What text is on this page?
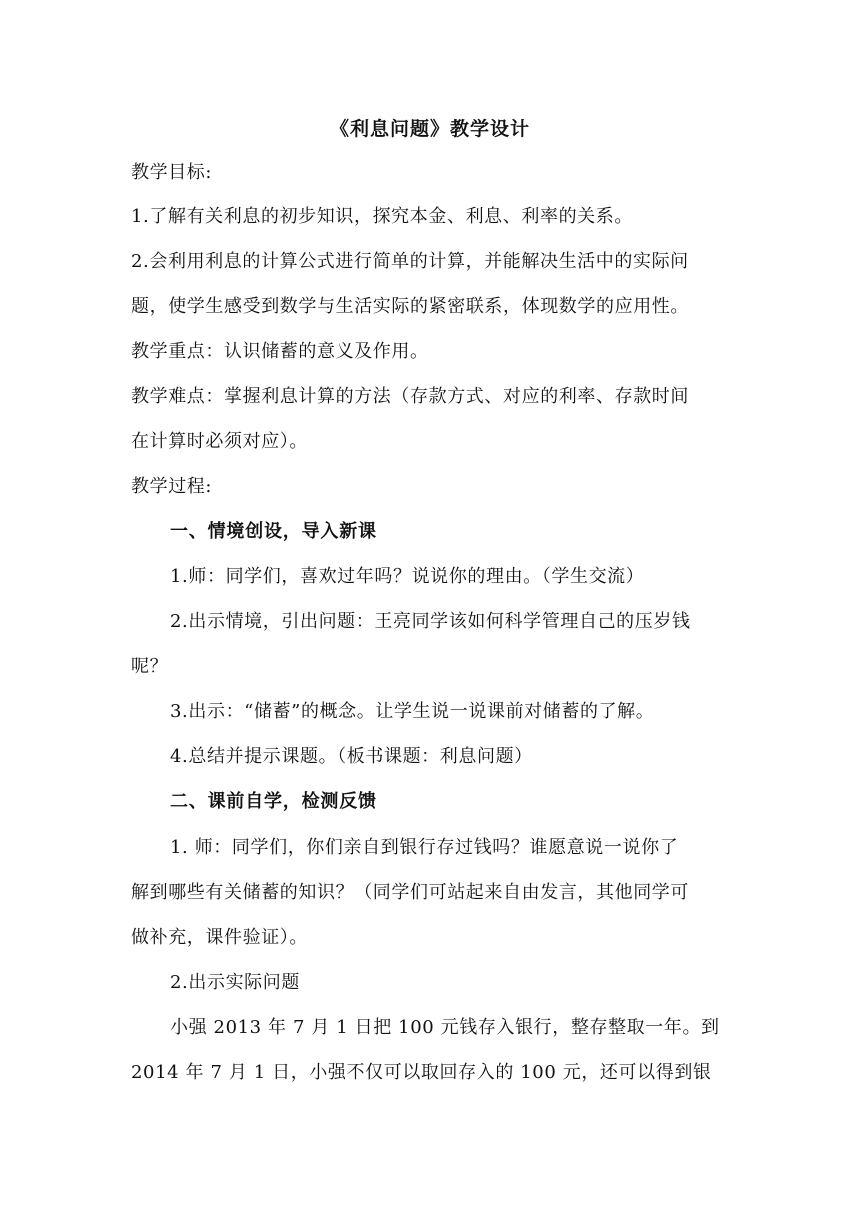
《利息问题》教学设计
教学目标:
1.了解有关利息的初步知识，探究本金、利息、利率的关系。
2.会利用利息的计算公式进行简单的计算，并能解决生活中的实际问
题，使学生感受到数学与生活实际的紧密联系，体现数学的应用性。
教学重点：认识储蓄的意义及作用。
教学难点：掌握利息计算的方法（存款方式、对应的利率、存款时间
在计算时必须对应）。
教学过程:
一、情境创设，导入新课
1.师：同学们，喜欢过年吗？说说你的理由。（学生交流）
2.出示情境，引出问题：王亮同学该如何科学管理自己的压岁钱
呢？
3.出示：“储蓄”的概念。让学生说一说课前对储蓄的了解。
4.总结并提示课题。（板书课题：利息问题）
二、课前自学，检测反馈
1. 师：同学们，你们亲自到银行存过钱吗？谁愿意说一说你了
解到哪些有关储蓄的知识？（同学们可站起来自由发言，其他同学可
做补充，课件验证）。
2.出示实际问题
小强 2013 年 7 月 1 日把 100 元钱存入银行，整存整取一年。到
2014 年 7 月 1 日，小强不仅可以取回存入的 100 元，还可以得到银
